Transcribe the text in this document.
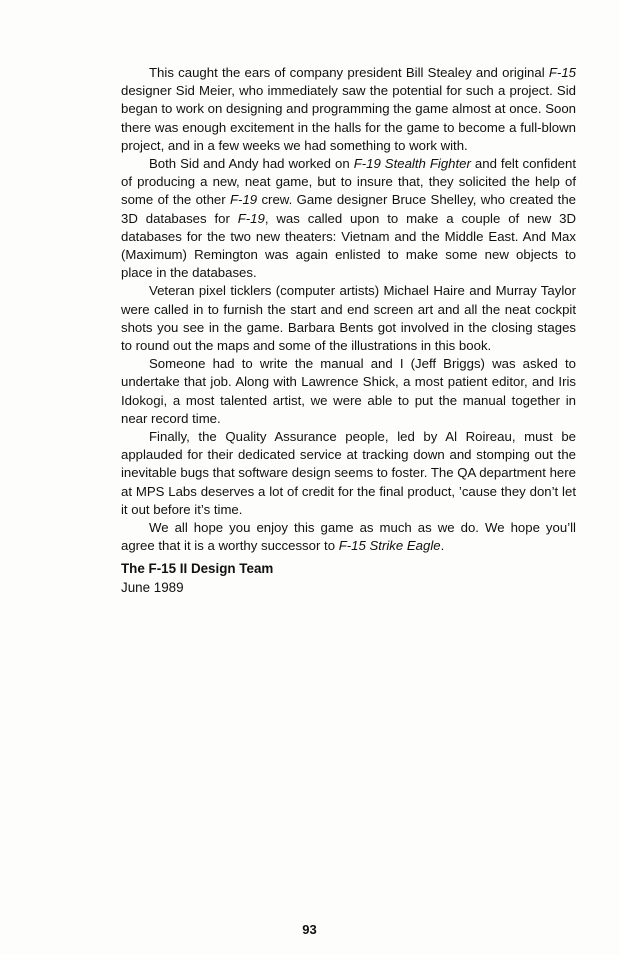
This caught the ears of company president Bill Stealey and original F-15 designer Sid Meier, who immediately saw the potential for such a project. Sid began to work on designing and programming the game almost at once. Soon there was enough excitement in the halls for the game to become a full-blown project, and in a few weeks we had something to work with.

Both Sid and Andy had worked on F-19 Stealth Fighter and felt confident of producing a new, neat game, but to insure that, they solicited the help of some of the other F-19 crew. Game designer Bruce Shelley, who created the 3D databases for F-19, was called upon to make a couple of new 3D databases for the two new theaters: Vietnam and the Middle East. And Max (Maximum) Remington was again enlisted to make some new objects to place in the databases.

Veteran pixel ticklers (computer artists) Michael Haire and Murray Taylor were called in to furnish the start and end screen art and all the neat cockpit shots you see in the game. Barbara Bents got involved in the closing stages to round out the maps and some of the illustrations in this book.

Someone had to write the manual and I (Jeff Briggs) was asked to undertake that job. Along with Lawrence Shick, a most patient editor, and Iris Idokogi, a most talented artist, we were able to put the manual together in near record time.

Finally, the Quality Assurance people, led by Al Roireau, must be applauded for their dedicated service at tracking down and stomping out the inevitable bugs that software design seems to foster. The QA department here at MPS Labs deserves a lot of credit for the final product, ’cause they don’t let it out before it’s time.

We all hope you enjoy this game as much as we do. We hope you’ll agree that it is a worthy successor to F-15 Strike Eagle.

The F-15 II Design Team
June 1989
93
